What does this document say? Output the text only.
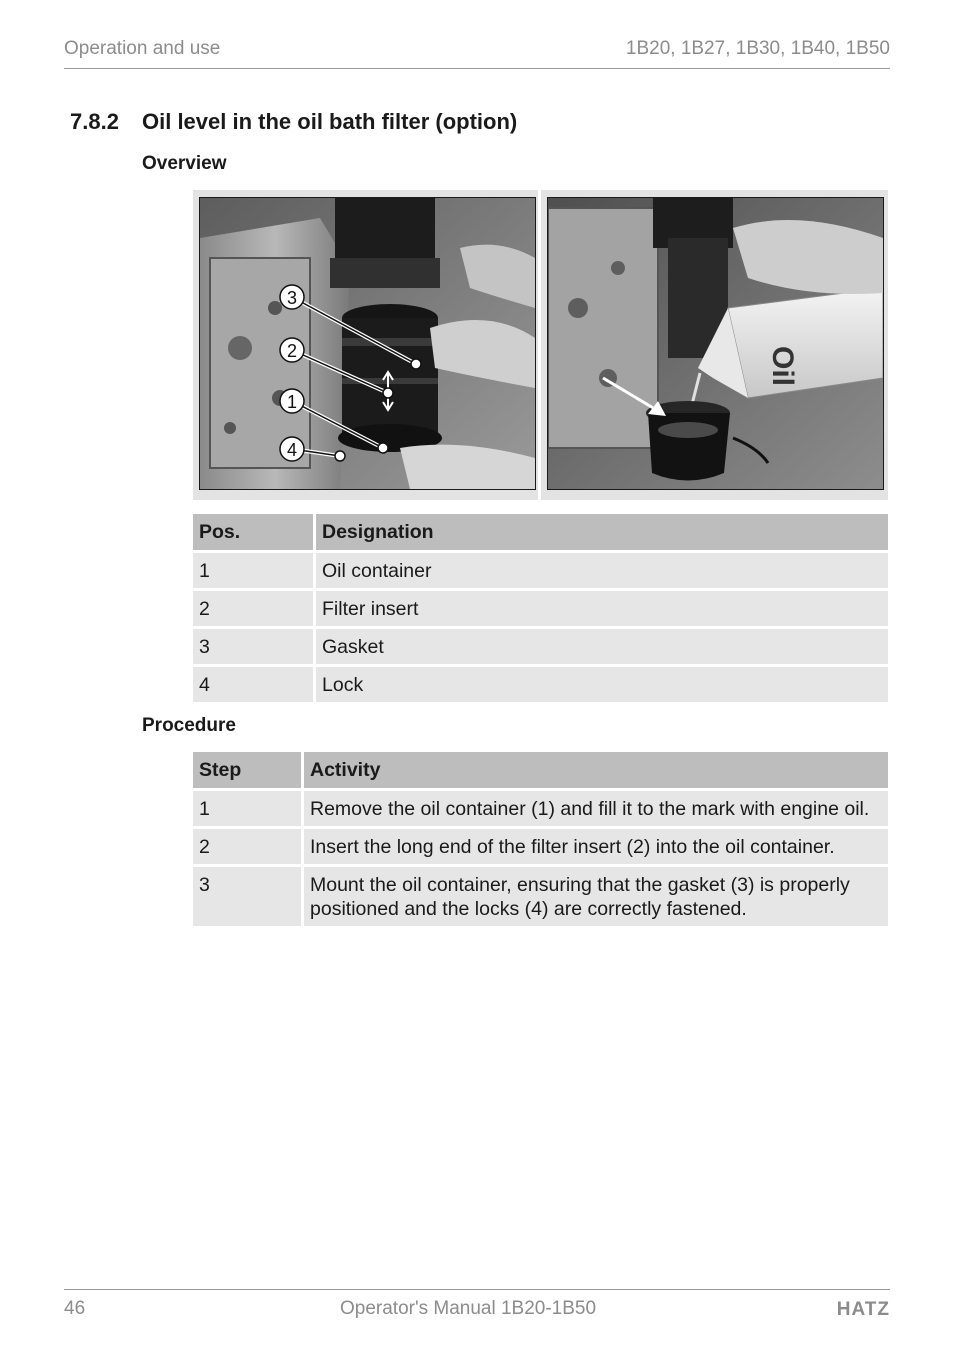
Operation and use	1B20, 1B27, 1B30, 1B40, 1B50
7.8.2 Oil level in the oil bath filter (option)
Overview
3
2
1
4
Oil
Pos.	Designation
1	Oil container
2	Filter insert
3	Gasket
4	Lock
Procedure
Step	Activity
1	Remove the oil container (1) and fill it to the mark with engine oil.
2	Insert the long end of the filter insert (2) into the oil container.
3	Mount the oil container, ensuring that the gasket (3) is properly positioned and the locks (4) are correctly fastened.
46	Operator's Manual 1B20-1B50	HATZ
